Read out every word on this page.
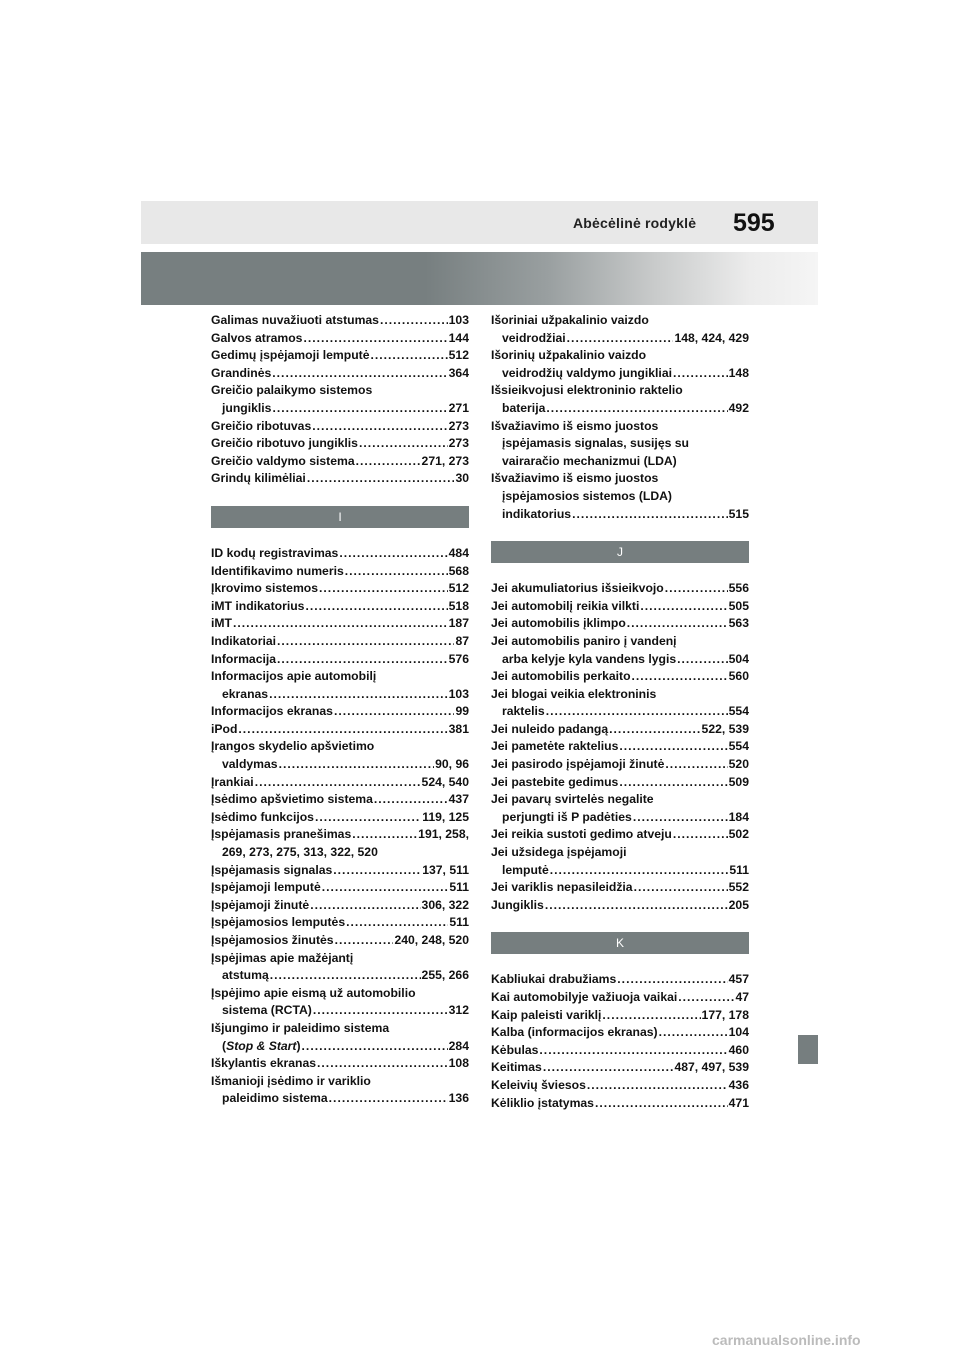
Abėcėlinė rodyklė 595
Galimas nuvažiuoti atstumas .....	103
Galvos atramos .....	144
Gedimų įspėjamoji lemputė .....	512
Grandinės .....	364
Greičio palaikymo sistemos
jungiklis .....	271
Greičio ribotuvas .....	273
Greičio ribotuvo jungiklis .....	273
Greičio valdymo sistema .....	271, 273
Grindų kilimėliai .....	30
I
ID kodų registravimas .....	484
Identifikavimo numeris .....	568
Įkrovimo sistemos .....	512
iMT indikatorius .....	518
iMT .....	187
Indikatoriai .....	87
Informacija .....	576
Informacijos apie automobilį
ekranas .....	103
Informacijos ekranas .....	99
iPod .....	381
Įrangos skydelio apšvietimo
valdymas .....	90, 96
Įrankiai .....	524, 540
Įsėdimo apšvietimo sistema .....	437
Įsėdimo funkcijos .....	119, 125
Įspėjamasis pranešimas .....	191, 258,
269, 273, 275, 313, 322, 520
Įspėjamasis signalas .....	137, 511
Įspėjamoji lemputė .....	511
Įspėjamoji žinutė .....	306, 322
Įspėjamosios lemputės .....	511
Įspėjamosios žinutės .....	240, 248, 520
Įspėjimas apie mažėjantį
atstumą .....	255, 266
Įspėjimo apie eismą už automobilio
sistema (RCTA) .....	312
Išjungimo ir paleidimo sistema
(Stop & Start) .....	284
Iškylantis ekranas .....	108
Išmanioji įsėdimo ir variklio
paleidimo sistema .....	136
Išoriniai užpakalinio vaizdo
veidrodžiai .....	148, 424, 429
Išorinių užpakalinio vaizdo
veidrodžių valdymo jungikliai .....	148
Išsieikvojusi elektroninio raktelio
baterija .....	492
Išvažiavimo iš eismo juostos
įspėjamasis signalas, susijęs su
vairaračio mechanizmui (LDA)
Išvažiavimo iš eismo juostos
įspėjamosios sistemos (LDA)
indikatorius .....	515
J
Jei akumuliatorius išsieikvojo .....	556
Jei automobilį reikia vilkti .....	505
Jei automobilis įklimpo .....	563
Jei automobilis paniro į vandenį
arba kelyje kyla vandens lygis .....	504
Jei automobilis perkaito .....	560
Jei blogai veikia elektroninis
raktelis .....	554
Jei nuleido padangą .....	522, 539
Jei pametėte raktelius .....	554
Jei pasirodo įspėjamoji žinutė .....	520
Jei pastebite gedimus .....	509
Jei pavarų svirtelės negalite
perjungti iš P padėties .....	184
Jei reikia sustoti gedimo atveju .....	502
Jei užsidega įspėjamoji
lemputė .....	511
Jei variklis nepasileidžia .....	552
Jungiklis .....	205
K
Kabliukai drabužiams .....	457
Kai automobilyje važiuoja vaikai .....	47
Kaip paleisti variklį .....	177, 178
Kalba (informacijos ekranas) .....	104
Kėbulas .....	460
Keitimas .....	487, 497, 539
Keleivių šviesos .....	436
Kėliklio įstatymas .....	471
carmanualsonline.info
